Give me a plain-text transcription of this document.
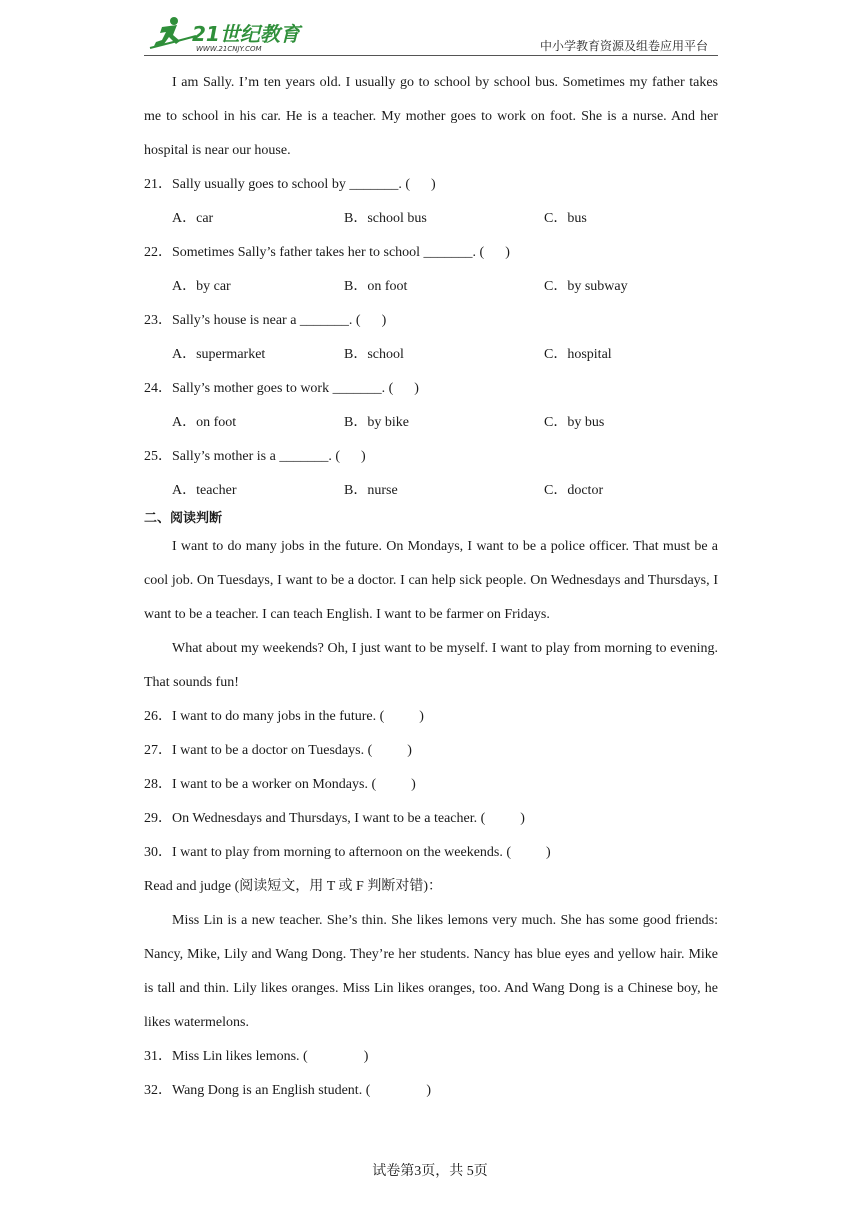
21世纪教育
WWW.21CNJY.COM	中小学教育资源及组卷应用平台

I am Sally. I’m ten years old. I usually go to school by school bus. Sometimes my father takes me to school in his car. He is a teacher. My mother goes to work on foot. She is a nurse. And her hospital is near our house.

21．Sally usually goes to school by _______. (      )

A．car	B．school bus	C．bus

22．Sometimes Sally’s father takes her to school _______. (      )

A．by car	B．on foot	C．by subway

23．Sally’s house is near a _______. (      )

A．supermarket	B．school	C．hospital

24．Sally’s mother goes to work _______. (      )

A．on foot	B．by bike	C．by bus

25．Sally’s mother is a _______. (      )

A．teacher	B．nurse	C．doctor

二、阅读判断

I want to do many jobs in the future. On Mondays, I want to be a police officer. That must be a cool job. On Tuesdays, I want to be a doctor. I can help sick people. On Wednesdays and Thursdays, I want to be a teacher. I can teach English. I want to be farmer on Fridays.

What about my weekends? Oh, I just want to be myself. I want to play from morning to evening. That sounds fun!

26．I want to do many jobs in the future. (          )

27．I want to be a doctor on Tuesdays. (          )

28．I want to be a worker on Mondays. (          )

29．On Wednesdays and Thursdays, I want to be a teacher. (          )

30．I want to play from morning to afternoon on the weekends. (          )

Read and judge (阅读短文，用 T 或 F 判断对错)：

Miss Lin is a new teacher. She’s thin. She likes lemons very much. She has some good friends: Nancy, Mike, Lily and Wang Dong. They’re her students. Nancy has blue eyes and yellow hair. Mike is tall and thin. Lily likes oranges. Miss Lin likes oranges, too. And Wang Dong is a Chinese boy, he likes watermelons.

31．Miss Lin likes lemons. (                )

32．Wang Dong is an English student. (                )

试卷第3页，共 5页
